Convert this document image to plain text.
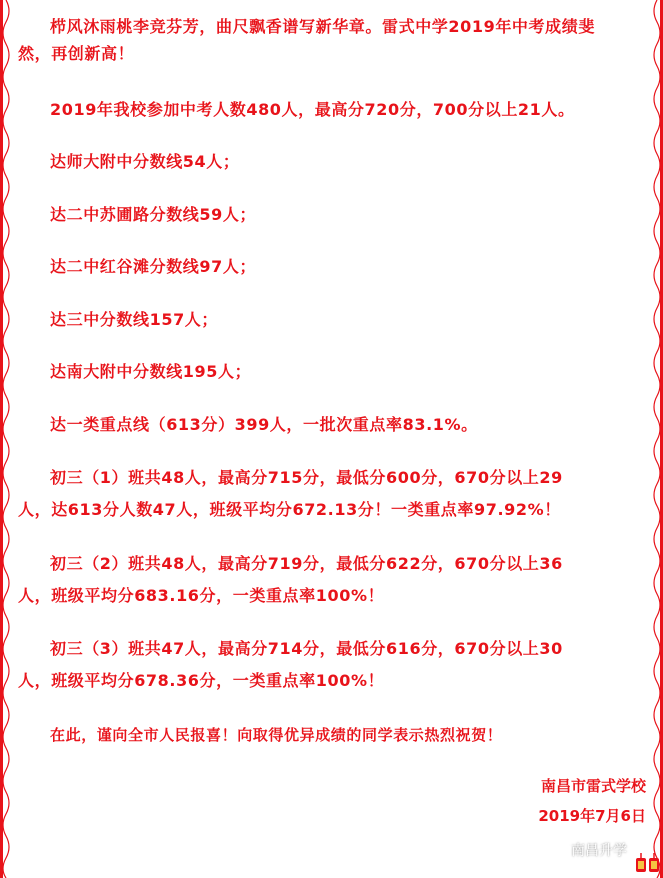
栉风沐雨桃李竞芬芳，曲尺飘香谱写新华章。雷式中学2019年中考成绩斐
然，再创新高！
2019年我校参加中考人数480人，最高分720分，700分以上21人。
达师大附中分数线54人；
达二中苏圃路分数线59人；
达二中红谷滩分数线97人；
达三中分数线157人；
达南大附中分数线195人；
达一类重点线（613分）399人，一批次重点率83.1%。
初三（1）班共48人，最高分715分，最低分600分，670分以上29
人，达613分人数47人，班级平均分672.13分！一类重点率97.92%！
初三（2）班共48人，最高分719分，最低分622分，670分以上36
人，班级平均分683.16分，一类重点率100%！
初三（3）班共47人，最高分714分，最低分616分，670分以上30
人，班级平均分678.36分，一类重点率100%！
在此，谨向全市人民报喜！向取得优异成绩的同学表示热烈祝贺！
南昌市雷式学校
2019年7月6日
南昌升学
